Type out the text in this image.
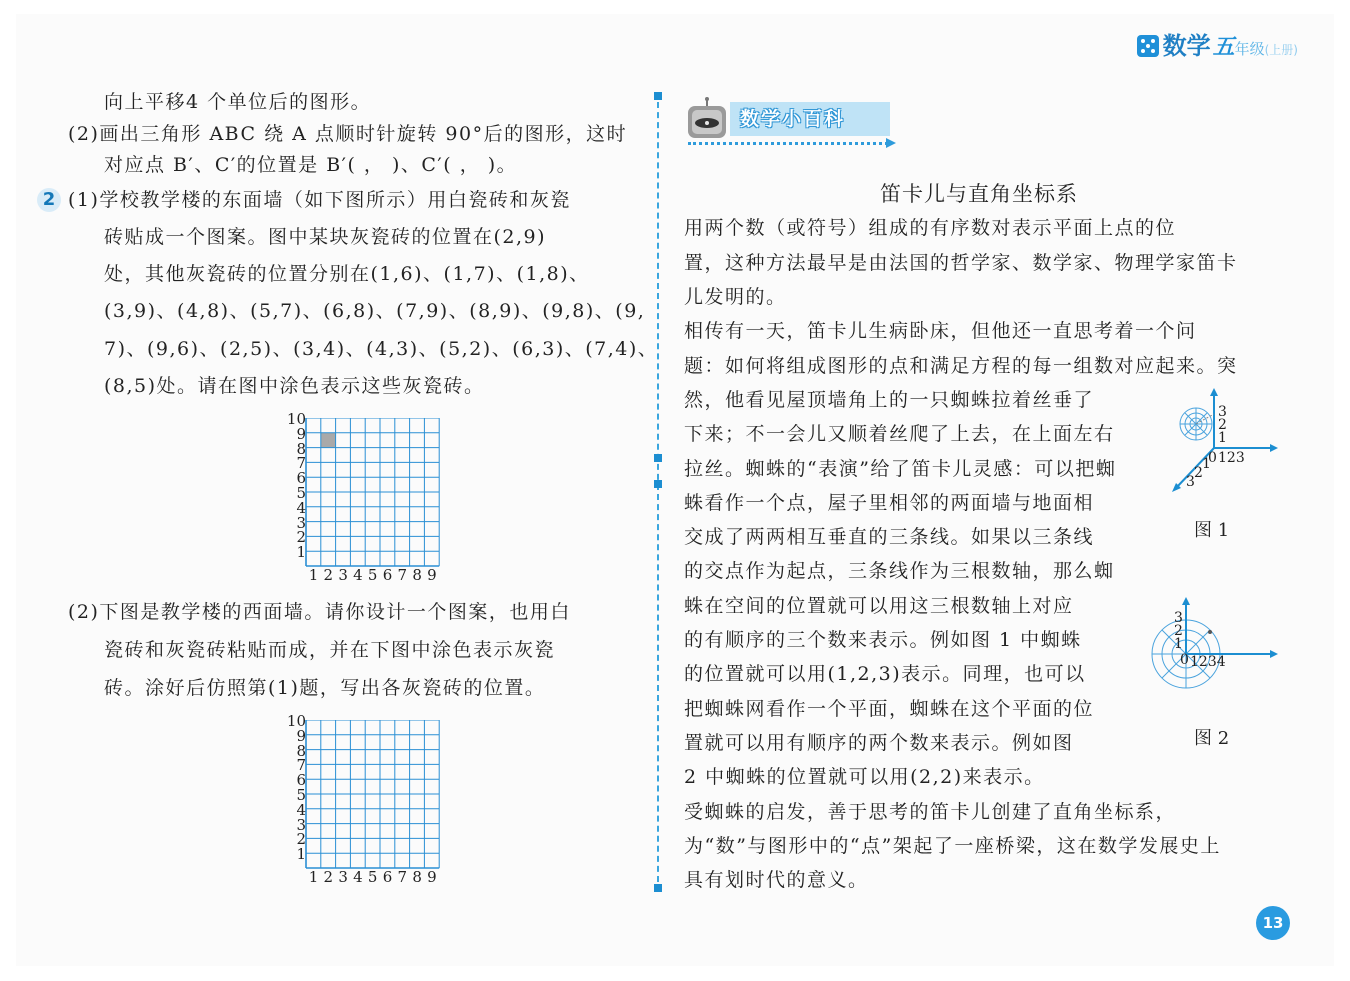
数学 五 年级 (上册)
向上平移4 个单位后的图形。
(2)画出三角形 ABC 绕 A 点顺时针旋转 90°后的图形，这时
对应点 B′、C′的位置是 B′( ， )、C′( ， )。
2 (1)学校教学楼的东面墙（如下图所示）用白瓷砖和灰瓷
砖贴成一个图案。图中某块灰瓷砖的位置在(2,9)
处，其他灰瓷砖的位置分别在(1,6)、(1,7)、(1,8)、
(3,9)、(4,8)、(5,7)、(6,8)、(7,9)、(8,9)、(9,8)、(9,
7)、(9,6)、(2,5)、(3,4)、(4,3)、(5,2)、(6,3)、(7,4)、
(8,5)处。请在图中涂色表示这些灰瓷砖。
10
9
8
7
6
5
4
3
2
1
1 2 3 4 5 6 7 8 9
(2)下图是教学楼的西面墙。请你设计一个图案，也用白
瓷砖和灰瓷砖粘贴而成，并在下图中涂色表示灰瓷
砖。涂好后仿照第(1)题，写出各灰瓷砖的位置。
10
9
8
7
6
5
4
3
2
1
1 2 3 4 5 6 7 8 9
数学小百科
笛卡儿与直角坐标系
用两个数（或符号）组成的有序数对表示平面上点的位
置，这种方法最早是由法国的哲学家、数学家、物理学家笛卡
儿发明的。
相传有一天，笛卡儿生病卧床，但他还一直思考着一个问
题：如何将组成图形的点和满足方程的每一组数对应起来。突
然，他看见屋顶墙角上的一只蜘蛛拉着丝垂了
下来；不一会儿又顺着丝爬了上去，在上面左右
拉丝。蜘蛛的“表演”给了笛卡儿灵感：可以把蜘
蛛看作一个点，屋子里相邻的两面墙与地面相
交成了两两相互垂直的三条线。如果以三条线
的交点作为起点，三条线作为三根数轴，那么蜘
蛛在空间的位置就可以用这三根数轴上对应
的有顺序的三个数来表示。例如图 1 中蜘蛛
的位置就可以用(1,2,3)表示。同理，也可以
把蜘蛛网看作一个平面，蜘蛛在这个平面的位
置就可以用有顺序的两个数来表示。例如图
2 中蜘蛛的位置就可以用(2,2)来表示。
受蜘蛛的启发，善于思考的笛卡儿创建了直角坐标系，
为“数”与图形中的“点”架起了一座桥梁，这在数学发展史上
具有划时代的意义。
3
2
1
0 123
1
2
3
图 1
3
2
1
0 1234
图 2
13
